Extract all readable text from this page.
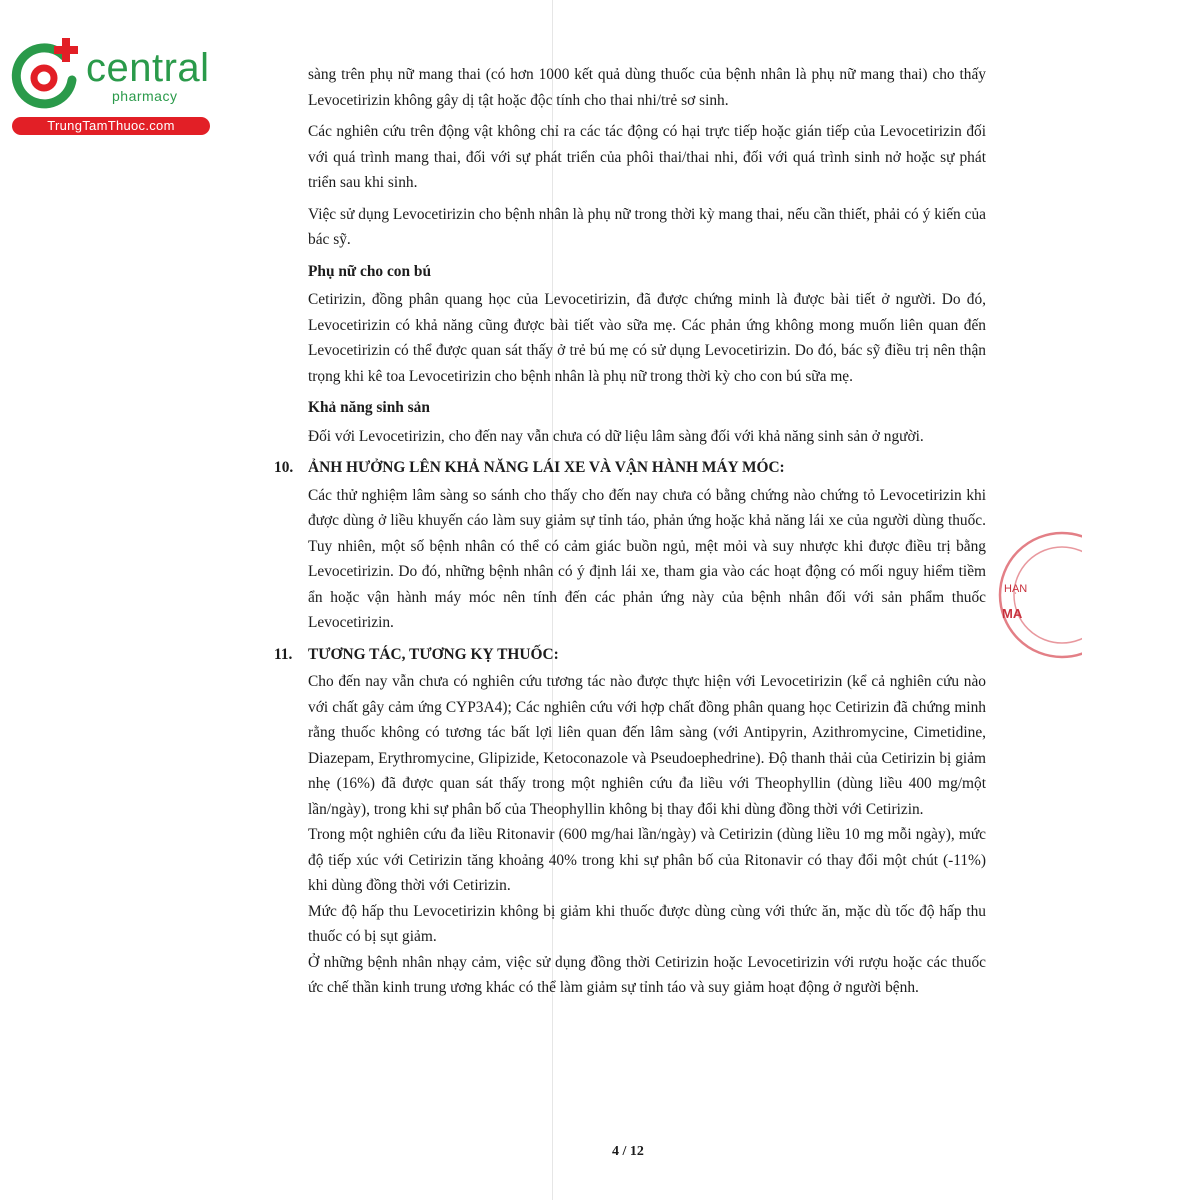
central
pharmacy
TrungTamThuoc.com

sàng trên phụ nữ mang thai (có hơn 1000 kết quả dùng thuốc của bệnh nhân là phụ nữ mang thai) cho thấy Levocetirizin không gây dị tật hoặc độc tính cho thai nhi/trẻ sơ sinh.

Các nghiên cứu trên động vật không chỉ ra các tác động có hại trực tiếp hoặc gián tiếp của Levocetirizin đối với quá trình mang thai, đối với sự phát triển của phôi thai/thai nhi, đối với quá trình sinh nở hoặc sự phát triển sau khi sinh.

Việc sử dụng Levocetirizin cho bệnh nhân là phụ nữ trong thời kỳ mang thai, nếu cần thiết, phải có ý kiến của bác sỹ.

Phụ nữ cho con bú

Cetirizin, đồng phân quang học của Levocetirizin, đã được chứng minh là được bài tiết ở người. Do đó, Levocetirizin có khả năng cũng được bài tiết vào sữa mẹ. Các phản ứng không mong muốn liên quan đến Levocetirizin có thể được quan sát thấy ở trẻ bú mẹ có sử dụng Levocetirizin. Do đó, bác sỹ điều trị nên thận trọng khi kê toa Levocetirizin cho bệnh nhân là phụ nữ trong thời kỳ cho con bú sữa mẹ.

Khả năng sinh sản

Đối với Levocetirizin, cho đến nay vẫn chưa có dữ liệu lâm sàng đối với khả năng sinh sản ở người.

10. ẢNH HƯỞNG LÊN KHẢ NĂNG LÁI XE VÀ VẬN HÀNH MÁY MÓC:

Các thử nghiệm lâm sàng so sánh cho thấy cho đến nay chưa có bằng chứng nào chứng tỏ Levocetirizin khi được dùng ở liều khuyến cáo làm suy giảm sự tỉnh táo, phản ứng hoặc khả năng lái xe của người dùng thuốc. Tuy nhiên, một số bệnh nhân có thể có cảm giác buồn ngủ, mệt mỏi và suy nhược khi được điều trị bằng Levocetirizin. Do đó, những bệnh nhân có ý định lái xe, tham gia vào các hoạt động có mối nguy hiểm tiềm ẩn hoặc vận hành máy móc nên tính đến các phản ứng này của bệnh nhân đối với sản phẩm thuốc Levocetirizin.

11.	TƯƠNG TÁC, TƯƠNG KỴ THUỐC:

Cho đến nay vẫn chưa có nghiên cứu tương tác nào được thực hiện với Levocetirizin (kể cả nghiên cứu nào với chất gây cảm ứng CYP3A4); Các nghiên cứu với hợp chất đồng phân quang học Cetirizin đã chứng minh rằng thuốc không có tương tác bất lợi liên quan đến lâm sàng (với Antipyrin, Azithromycine, Cimetidine, Diazepam, Erythromycine, Glipizide, Ketoconazole và Pseudoephedrine). Độ thanh thải của Cetirizin bị giảm nhẹ (16%) đã được quan sát thấy trong một nghiên cứu đa liều với Theophyllin (dùng liều 400 mg/một lần/ngày), trong khi sự phân bố của Theophyllin không bị thay đổi khi dùng đồng thời với Cetirizin.

Trong một nghiên cứu đa liều Ritonavir (600 mg/hai lần/ngày) và Cetirizin (dùng liều 10 mg mỗi ngày), mức độ tiếp xúc với Cetirizin tăng khoảng 40% trong khi sự phân bố của Ritonavir có thay đổi một chút (-11%) khi dùng đồng thời với Cetirizin.

Mức độ hấp thu Levocetirizin không bị giảm khi thuốc được dùng cùng với thức ăn, mặc dù tốc độ hấp thu thuốc có bị sụt giảm.

Ở những bệnh nhân nhạy cảm, việc sử dụng đồng thời Cetirizin hoặc Levocetirizin với rượu hoặc các thuốc ức chế thần kinh trung ương khác có thể làm giảm sự tỉnh táo và suy giảm hoạt động ở người bệnh.

HẠN
MA
4 / 12
